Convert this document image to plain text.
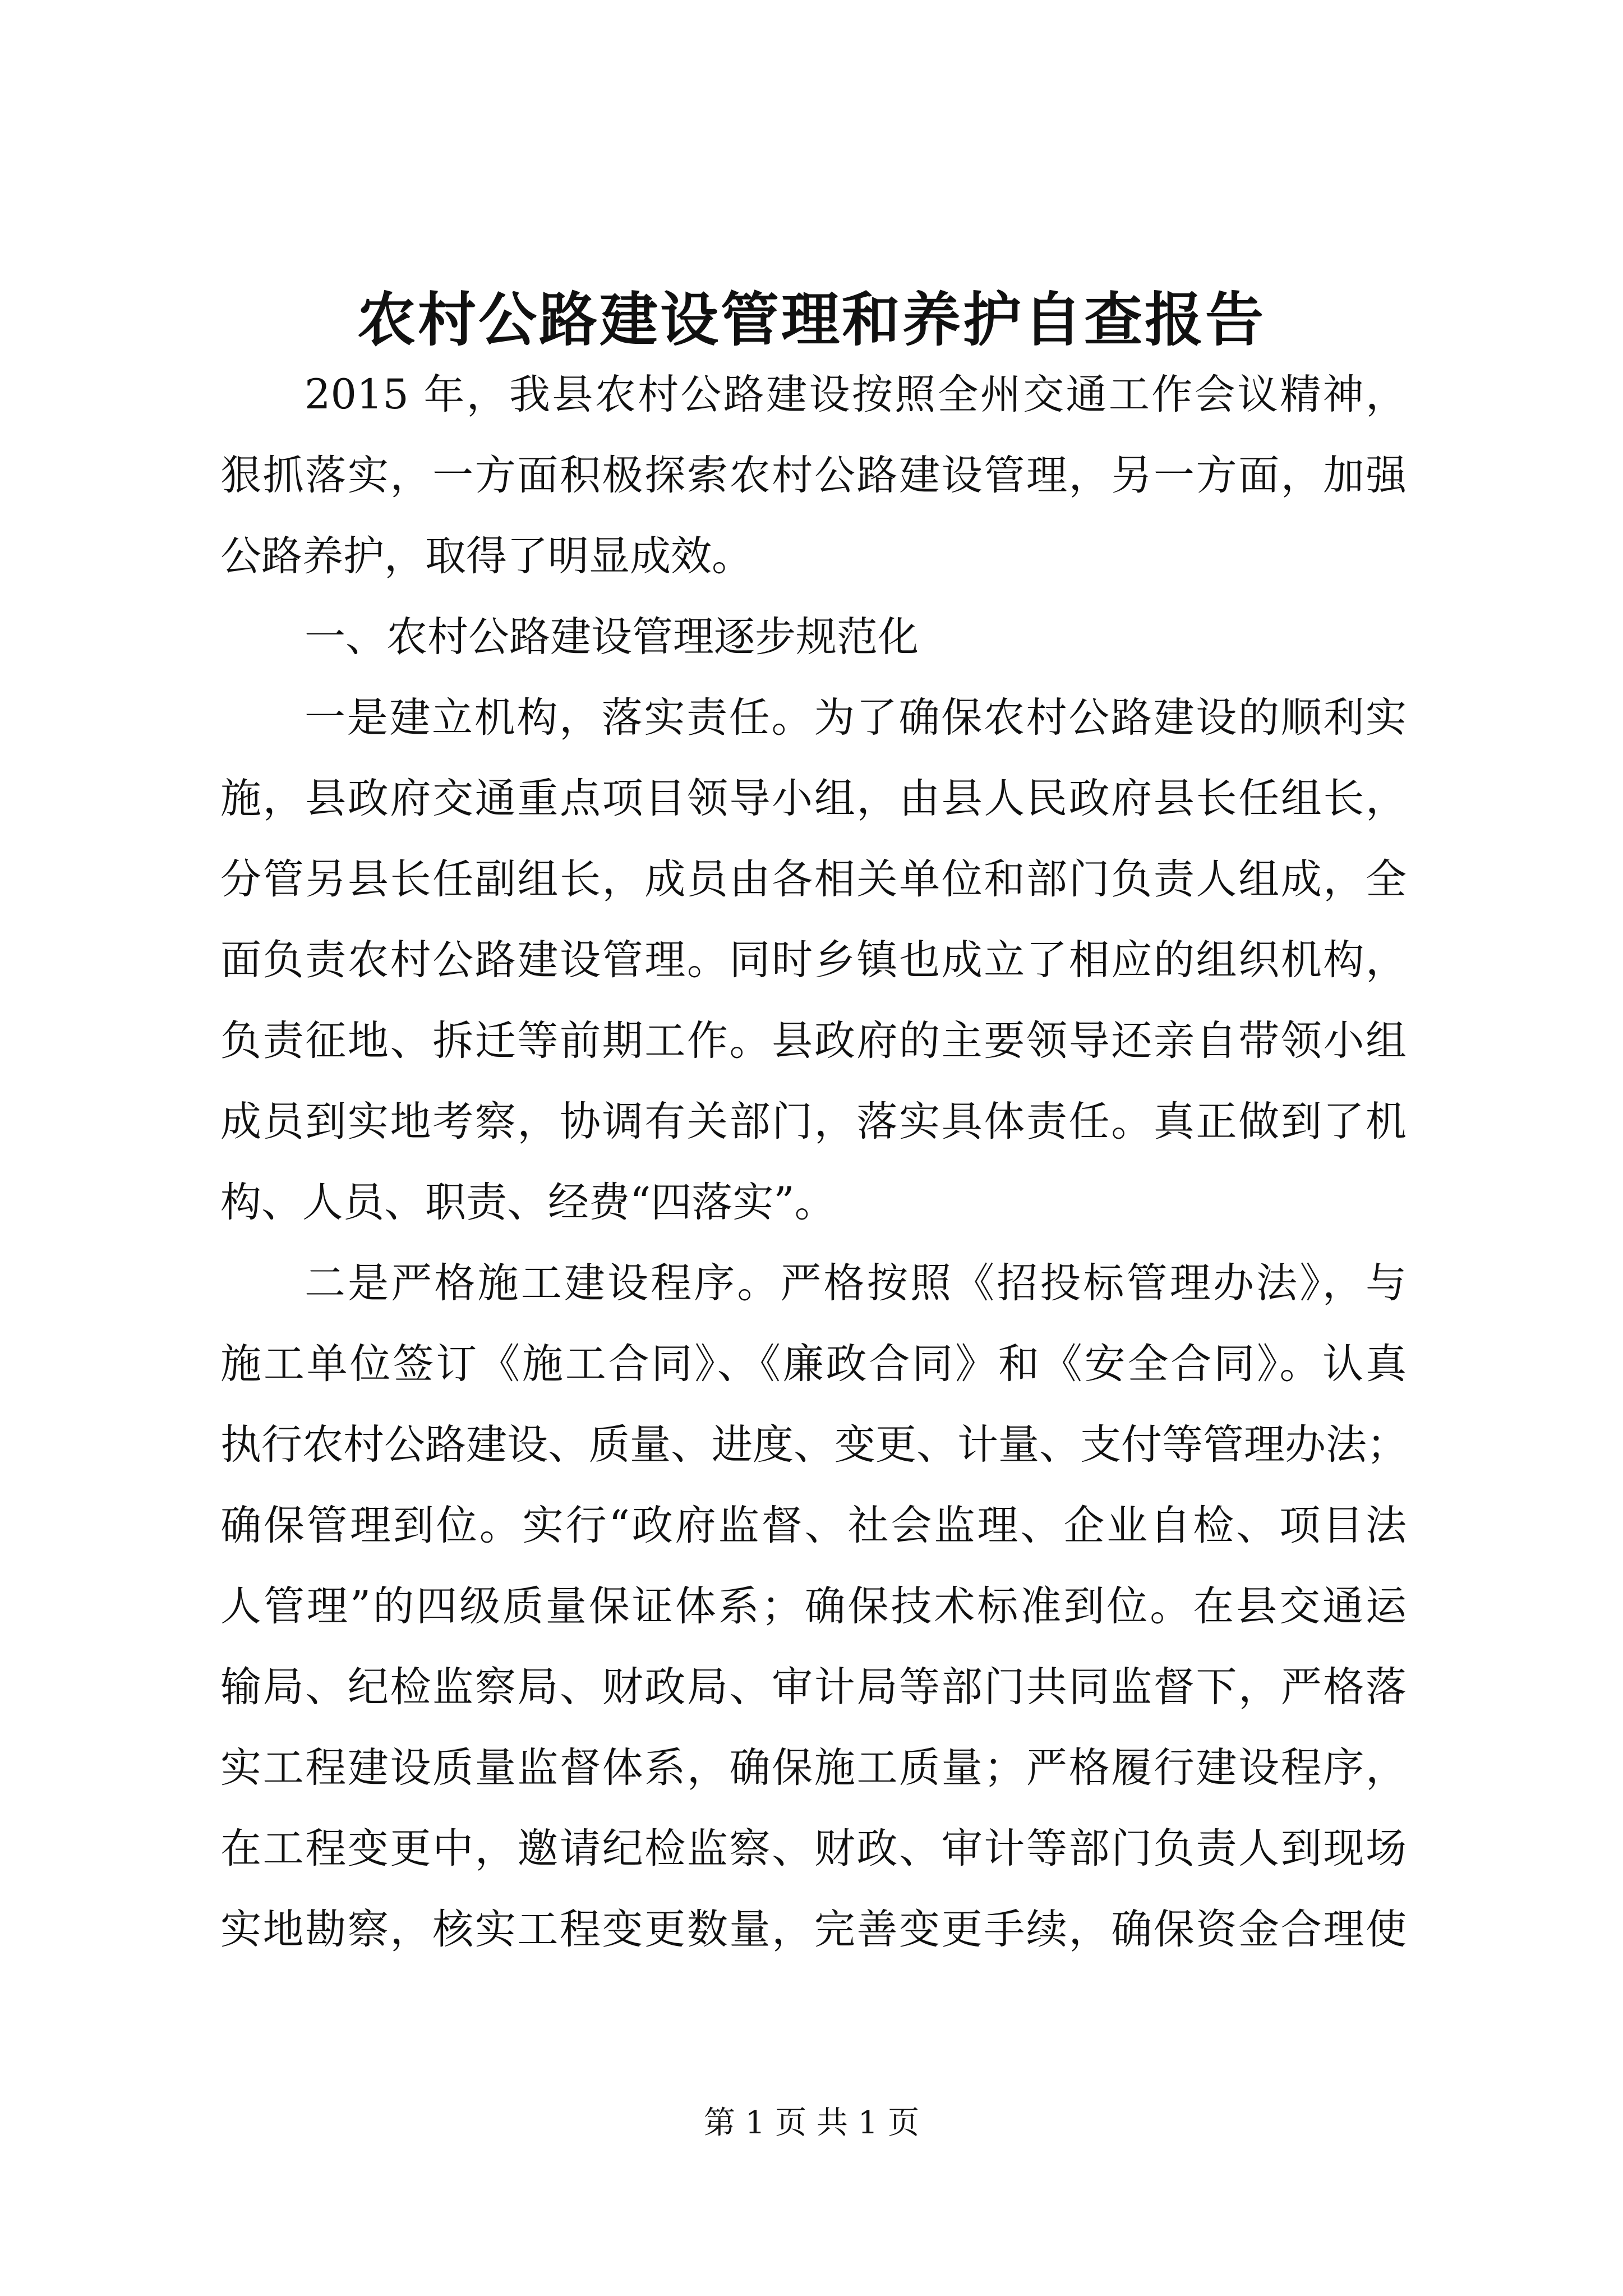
农村公路建设管理和养护自查报告
2015 年，我县农村公路建设按照全州交通工作会议精神，
狠抓落实，一方面积极探索农村公路建设管理，另一方面，加强
公路养护，取得了明显成效。
一、农村公路建设管理逐步规范化
一是建立机构，落实责任。为了确保农村公路建设的顺利实
施，县政府交通重点项目领导小组，由县人民政府县长任组长，
分管另县长任副组长，成员由各相关单位和部门负责人组成，全
面负责农村公路建设管理。同时乡镇也成立了相应的组织机构，
负责征地、拆迁等前期工作。县政府的主要领导还亲自带领小组
成员到实地考察，协调有关部门，落实具体责任。真正做到了机
构、人员、职责、经费“四落实”。
二是严格施工建设程序。严格按照《招投标管理办法》，与
施工单位签订《施工合同》、《廉政合同》和《安全合同》。认真
执行农村公路建设、质量、进度、变更、计量、支付等管理办法；
确保管理到位。实行“政府监督、社会监理、企业自检、项目法
人管理”的四级质量保证体系；确保技术标准到位。在县交通运
输局、纪检监察局、财政局、审计局等部门共同监督下，严格落
实工程建设质量监督体系，确保施工质量；严格履行建设程序，
在工程变更中，邀请纪检监察、财政、审计等部门负责人到现场
实地勘察，核实工程变更数量，完善变更手续，确保资金合理使
第 1 页 共 1 页
